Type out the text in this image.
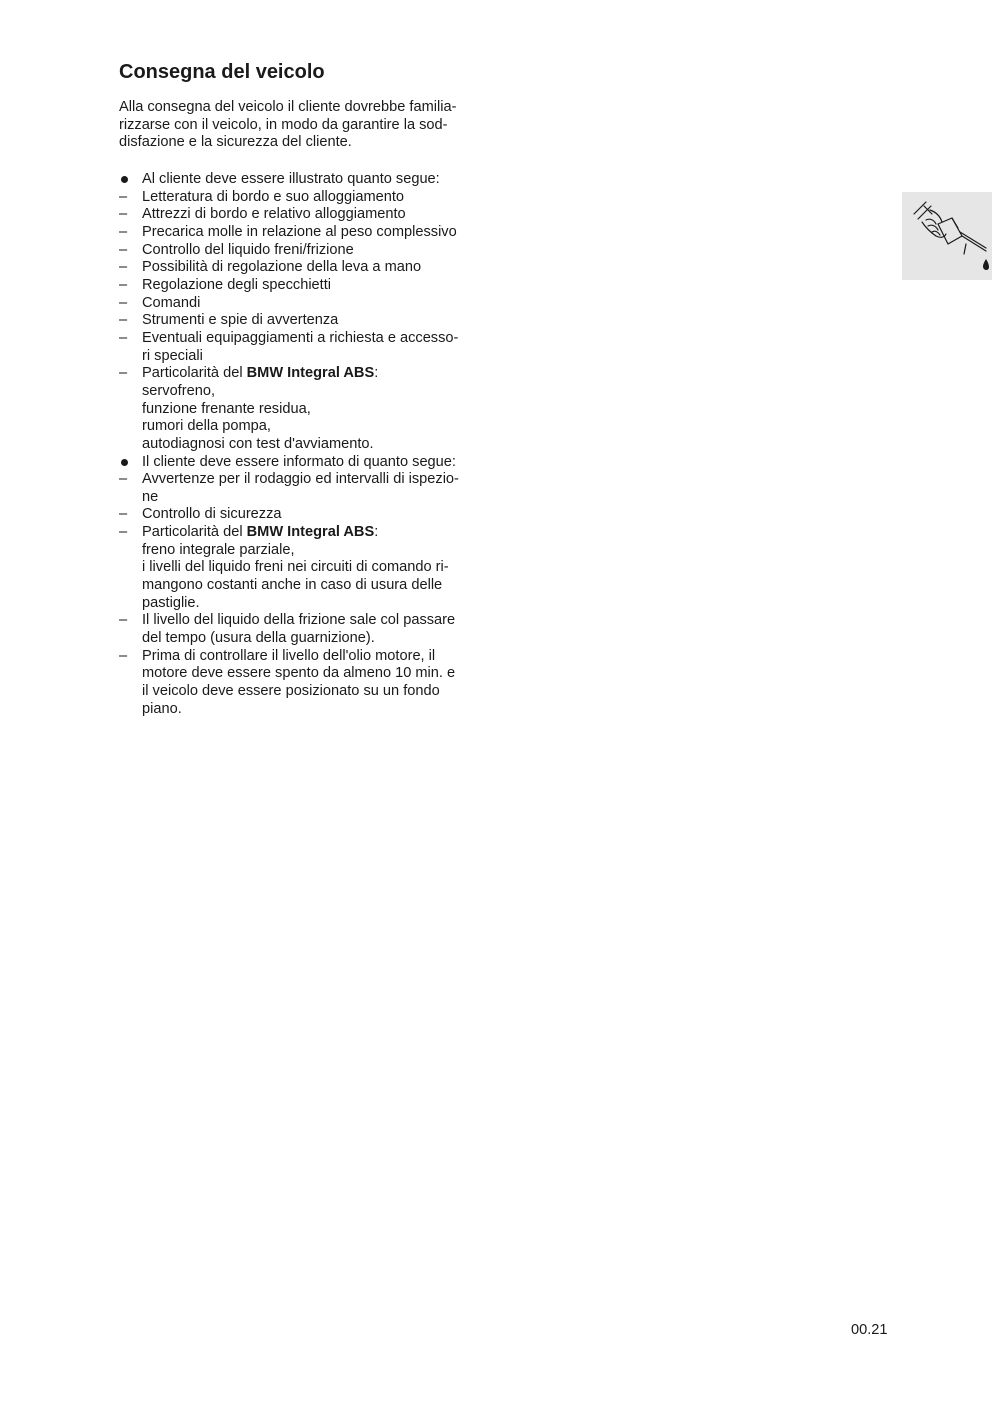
Consegna del veicolo

Alla consegna del veicolo il cliente dovrebbe familia-
rizzarse con il veicolo, in modo da garantire la sod-
disfazione e la sicurezza del cliente.

Al cliente deve essere illustrato quanto segue:
–	Letteratura di bordo e suo alloggiamento
–	Attrezzi di bordo e relativo alloggiamento
–	Precarica molle in relazione al peso complessivo
–	Controllo del liquido freni/frizione
–	Possibilità di regolazione della leva a mano
–	Regolazione degli specchietti
–	Comandi
–	Strumenti e spie di avvertenza
–	Eventuali equipaggiamenti a richiesta e accesso-
ri speciali
–	Particolarità del BMW Integral ABS:
servofreno,
funzione frenante residua,
rumori della pompa,
autodiagnosi con test d'avviamento.
Il cliente deve essere informato di quanto segue:
–	Avvertenze per il rodaggio ed intervalli di ispezio-
ne
–	Controllo di sicurezza
–	Particolarità del BMW Integral ABS:
freno integrale parziale,
i livelli del liquido freni nei circuiti di comando ri-
mangono costanti anche in caso di usura delle
pastiglie.
–	Il livello del liquido della frizione sale col passare
del tempo (usura della guarnizione).
–	Prima di controllare il livello dell'olio motore, il
motore deve essere spento da almeno 10 min. e
il veicolo deve essere posizionato su un fondo
piano.
00.21
